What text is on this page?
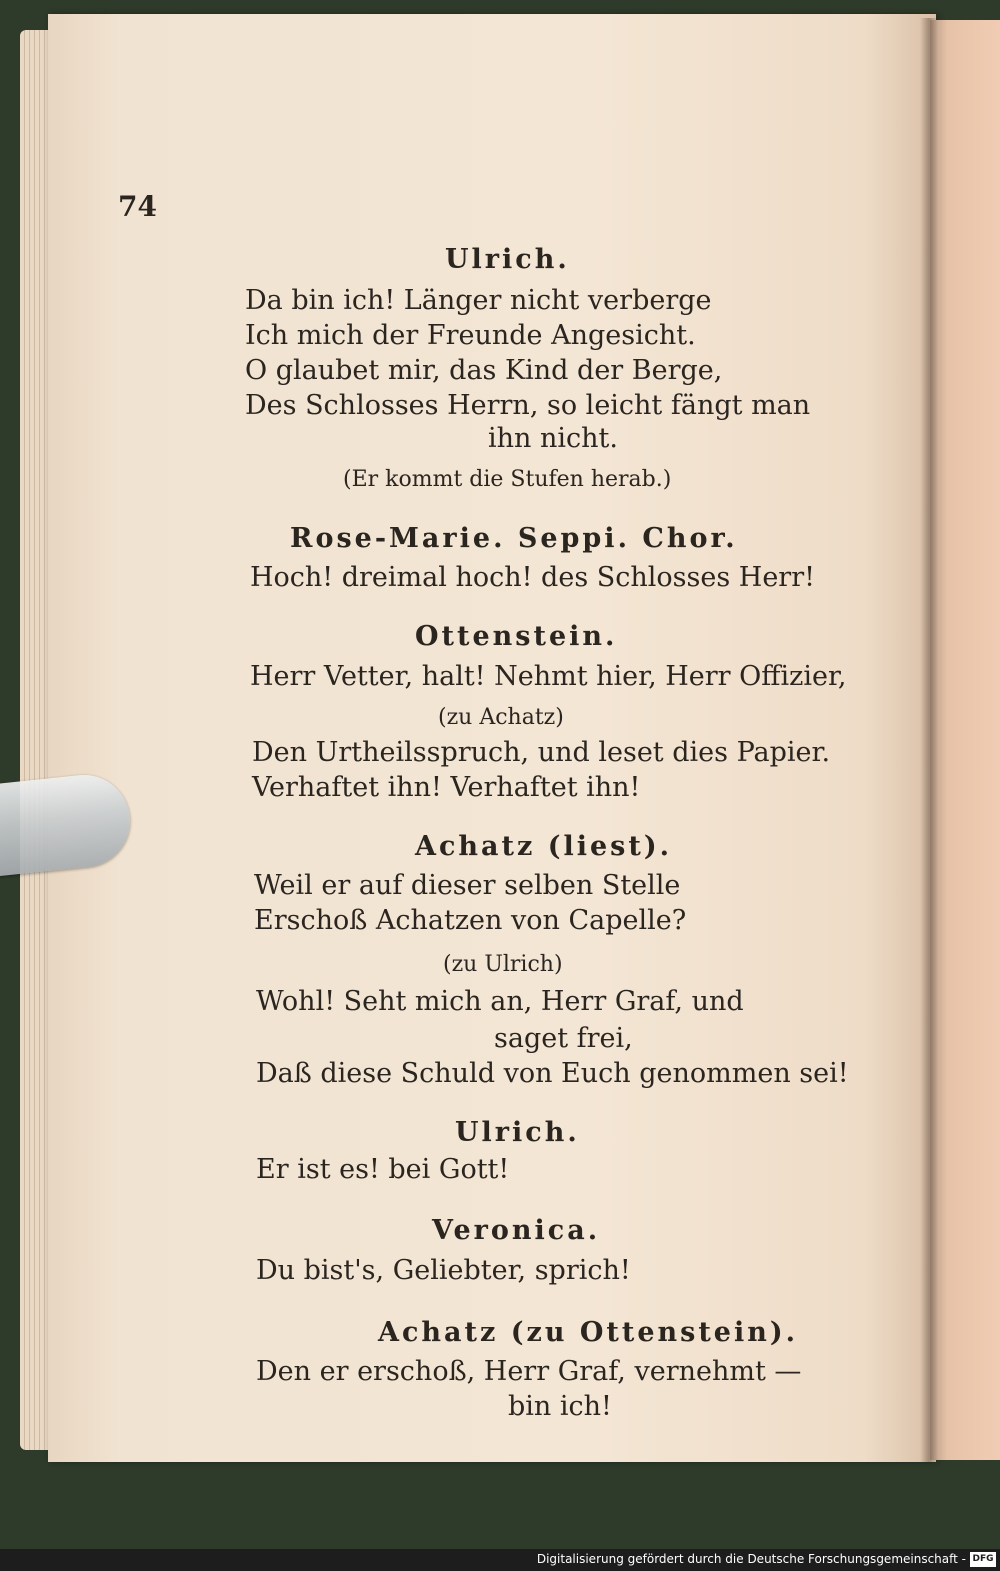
74
Ulrich.
Da bin ich! Länger nicht verberge
Ich mich der Freunde Angesicht.
O glaubet mir, das Kind der Berge,
Des Schlosses Herrn, so leicht fängt man
ihn nicht.
(Er kommt die Stufen herab.)
Rose-Marie. Seppi. Chor.
Hoch! dreimal hoch! des Schlosses Herr!
Ottenstein.
Herr Vetter, halt! Nehmt hier, Herr Offizier,
(zu Achatz)
Den Urtheilsspruch, und leset dies Papier.
Verhaftet ihn! Verhaftet ihn!
Achatz (liest).
Weil er auf dieser selben Stelle
Erschoß Achatzen von Capelle?
(zu Ulrich)
Wohl! Seht mich an, Herr Graf, und
saget frei,
Daß diese Schuld von Euch genommen sei!
Ulrich.
Er ist es! bei Gott!
Veronica.
Du bist's, Geliebter, sprich!
Achatz (zu Ottenstein).
Den er erschoß, Herr Graf, vernehmt —
bin ich!
Digitalisierung gefördert durch die Deutsche Forschungsgemeinschaft - DFG
